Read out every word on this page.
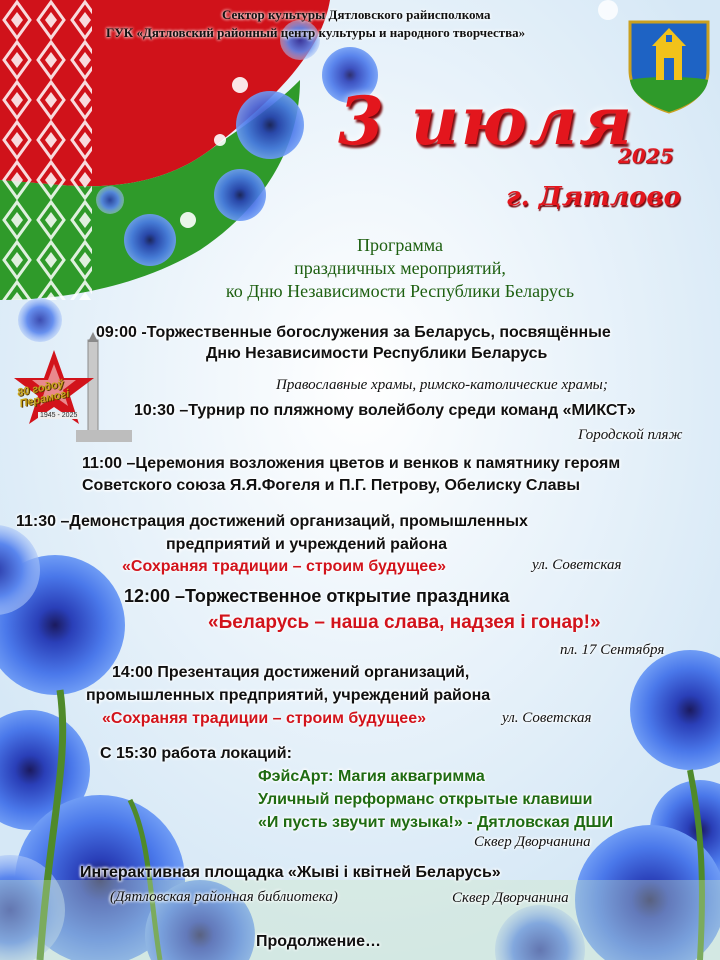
80 годоў Перамогі
1945 - 2025
Сектор культуры Дятловского райисполкома
ГУК «Дятловский районный центр культуры и народного творчества»
3 июля
2025
г. Дятлово
Программа
праздничных мероприятий,
ко Дню Независимости Республики Беларусь
09:00 -Торжественные богослужения за Беларусь, посвящённые
Дню Независимости Республики Беларусь
Православные храмы, римско-католические храмы;
10:30 –Турнир по пляжному волейболу среди команд «МИКСТ»
Городской пляж
11:00 –Церемония возложения цветов и венков к памятнику героям
Советского союза Я.Я.Фогеля и П.Г. Петрову, Обелиску Славы
11:30 –Демонстрация достижений организаций, промышленных
предприятий и учреждений района
«Сохраняя традиции – строим будущее»	ул. Советская
12:00 –Торжественное открытие праздника
«Беларусь – наша слава, надзея і гонар!»
пл. 17 Сентября
14:00 Презентация достижений организаций,
промышленных предприятий, учреждений района
«Сохраняя традиции – строим будущее»	ул. Советская
С 15:30 работа локаций:
ФэйсАрт: Магия аквагримма
Уличный перформанс открытые клавиши
«И пусть звучит музыка!» - Дятловская ДШИ
Сквер Дворчанина
Интерактивная площадка «Жыві і квітней Беларусь»
(Дятловская районная библиотека)	Сквер Дворчанина
Продолжение…
